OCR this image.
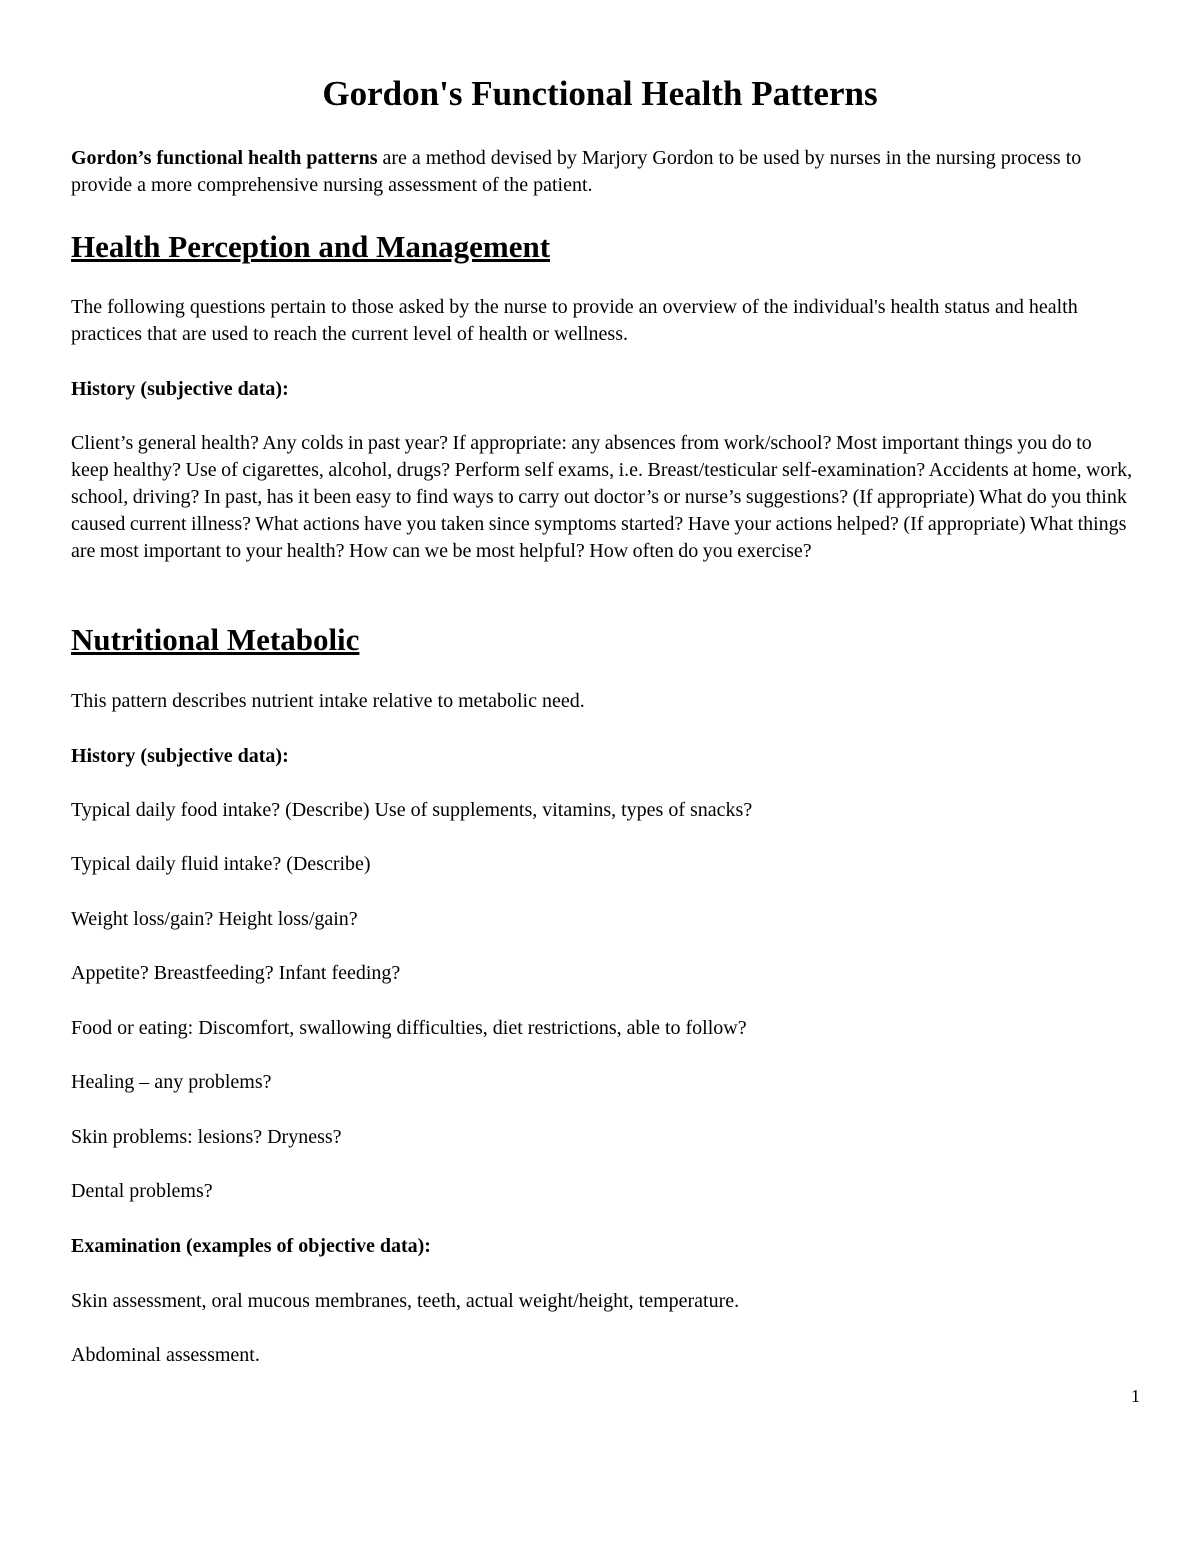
Gordon's Functional Health Patterns

Gordon’s functional health patterns are a method devised by Marjory Gordon to be used by nurses in the nursing process to provide a more comprehensive nursing assessment of the patient.

Health Perception and Management

The following questions pertain to those asked by the nurse to provide an overview of the individual's health status and health practices that are used to reach the current level of health or wellness.

History (subjective data):

Client’s general health? Any colds in past year? If appropriate: any absences from work/school? Most important things you do to keep healthy? Use of cigarettes, alcohol, drugs? Perform self exams, i.e. Breast/testicular self-examination? Accidents at home, work, school, driving? In past, has it been easy to find ways to carry out doctor’s or nurse’s suggestions? (If appropriate) What do you think caused current illness? What actions have you taken since symptoms started? Have your actions helped? (If appropriate) What things are most important to your health? How can we be most helpful? How often do you exercise?

Nutritional Metabolic

This pattern describes nutrient intake relative to metabolic need.

History (subjective data):

Typical daily food intake? (Describe) Use of supplements, vitamins, types of snacks?

Typical daily fluid intake? (Describe)

Weight loss/gain? Height loss/gain?

Appetite? Breastfeeding? Infant feeding?

Food or eating: Discomfort, swallowing difficulties, diet restrictions, able to follow?

Healing – any problems?

Skin problems: lesions? Dryness?

Dental problems?

Examination (examples of objective data):

Skin assessment, oral mucous membranes, teeth, actual weight/height, temperature.

Abdominal assessment.

1
